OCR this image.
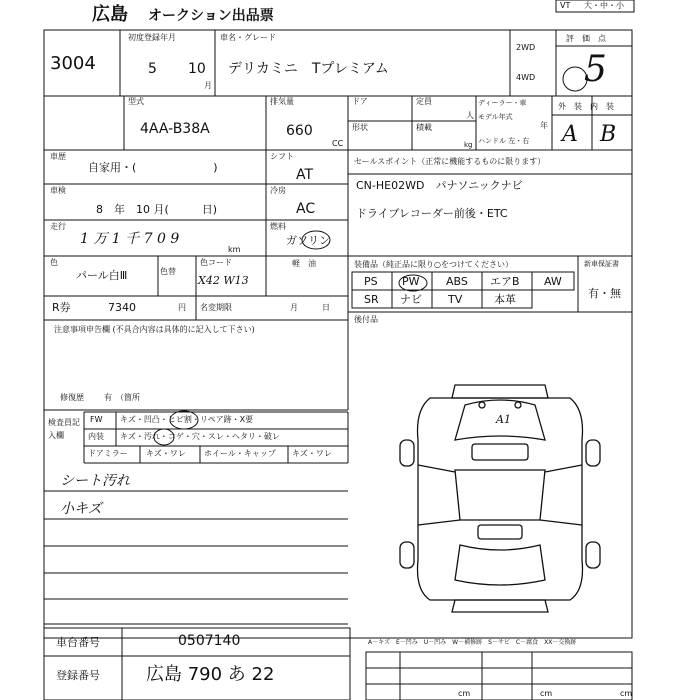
広島 オークション出品票
VT 大・中・小
3004
初度登録年月
5 10
月
車名・グレード
デリカミニ　Tプレミアム
2WD
4WD
評　価　点
5
型式
4AA-B38A
排気量
660
CC
ドア
形状
定員
人
積載
kg
ディーラー・車
モデル年式
年
ハンドル 左・右
外　装　内　装
A B
車歴
自家用・(　　　　　　　)
車検
8　年　10 月(　　　日)
走行
1 万 1 千 7 0 9
km
色
パール白Ⅲ	色替
色コード
X42 W13
R券	7340	円 名変期限	月　　　日
注意事項申告欄 (不具合内容は具体的に記入して下さい)
修復歴	有　（箇所
検査員記入欄
シフト
AT
冷房
AC
燃料
ガソリン
軽　油
セールスポイント（正常に機能するものに限ります）
CN-HE02WD　パナソニックナビ
ドライブレコーダー前後・ETC
装備品（純正品に限り○をつけてください）
PS PW ABS エアB AW
SR ナビ TV	本革
新車保証書
有・無
後付品
FW キズ・凹凸・ヒビ割・リペア跡・X要
内装 キズ・汚れ・コゲ・穴・スレ・ヘタリ・破レ
ドアミラー キズ・ワレ ホイール・キャップ キズ・ワレ
シート汚れ
小キズ
A1
A－キズ　E－凹み　U－凹み　W－補修跡　S－サビ　C－腐食　XX－交換跡
車台番号	0507140
登録番号	広島 790 あ 22
cm	cm	cm
